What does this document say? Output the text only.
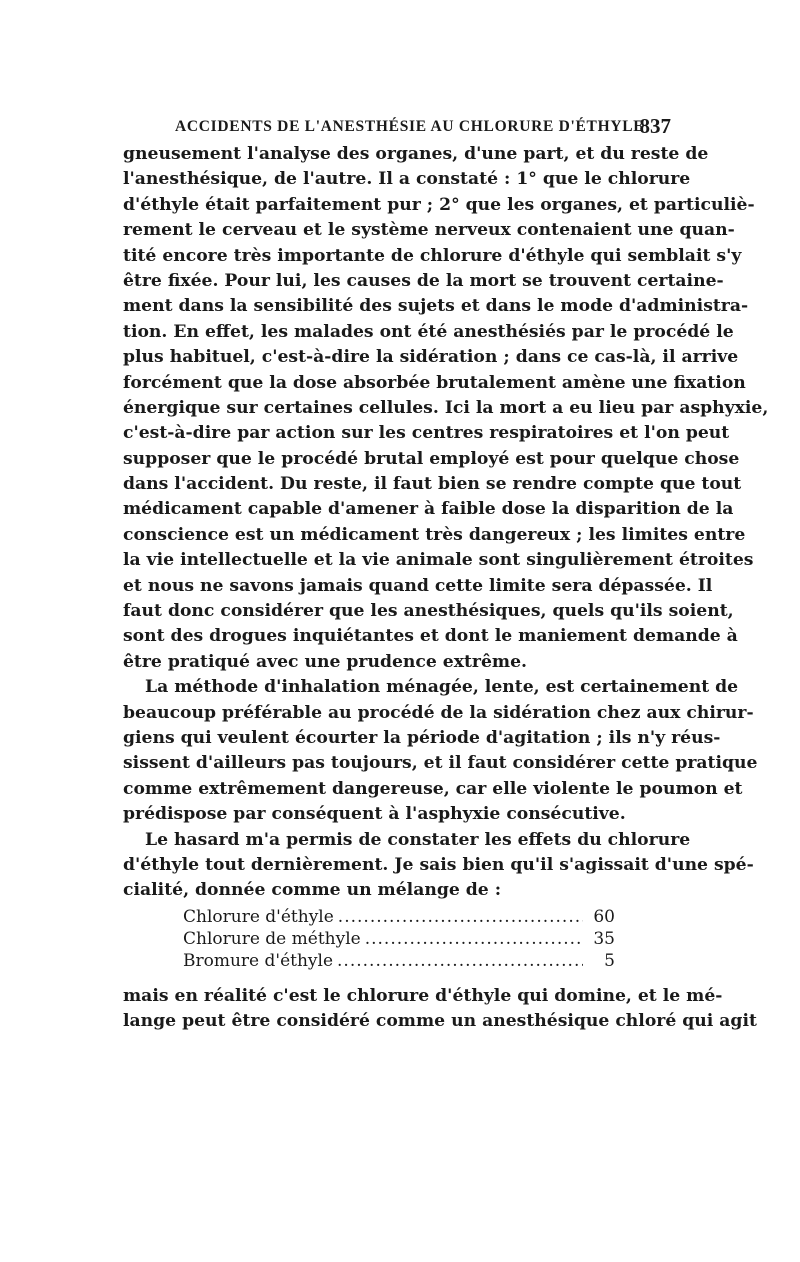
ACCIDENTS DE L'ANESTHÉSIE AU CHLORURE D'ÉTHYLE
837
gneusement l'analyse des organes, d'une part, et du reste de
l'anesthésique, de l'autre. Il a constaté : 1° que le chlorure
d'éthyle était parfaitement pur ; 2° que les organes, et particuliè-
rement le cerveau et le système nerveux contenaient une quan-
tité encore très importante de chlorure d'éthyle qui semblait s'y
être fixée. Pour lui, les causes de la mort se trouvent certaine-
ment dans la sensibilité des sujets et dans le mode d'administra-
tion. En effet, les malades ont été anesthésiés par le procédé le
plus habituel, c'est-à-dire la sidération ; dans ce cas-là, il arrive
forcément que la dose absorbée brutalement amène une fixation
énergique sur certaines cellules. Ici la mort a eu lieu par asphyxie,
c'est-à-dire par action sur les centres respiratoires et l'on peut
supposer que le procédé brutal employé est pour quelque chose
dans l'accident. Du reste, il faut bien se rendre compte que tout
médicament capable d'amener à faible dose la disparition de la
conscience est un médicament très dangereux ; les limites entre
la vie intellectuelle et la vie animale sont singulièrement étroites
et nous ne savons jamais quand cette limite sera dépassée. Il
faut donc considérer que les anesthésiques, quels qu'ils soient,
sont des drogues inquiétantes et dont le maniement demande à
être pratiqué avec une prudence extrême.
La méthode d'inhalation ménagée, lente, est certainement de
beaucoup préférable au procédé de la sidération chez aux chirur-
giens qui veulent écourter la période d'agitation ; ils n'y réus-
sissent d'ailleurs pas toujours, et il faut considérer cette pratique
comme extrêmement dangereuse, car elle violente le poumon et
prédispose par conséquent à l'asphyxie consécutive.
Le hasard m'a permis de constater les effets du chlorure
d'éthyle tout dernièrement. Je sais bien qu'il s'agissait d'une spé-
cialité, donnée comme un mélange de :
Chlorure d'éthyle .....	60
Chlorure de méthyle .....	35
Bromure d'éthyle .....	5
mais en réalité c'est le chlorure d'éthyle qui domine, et le mé-
lange peut être considéré comme un anesthésique chloré qui agit
